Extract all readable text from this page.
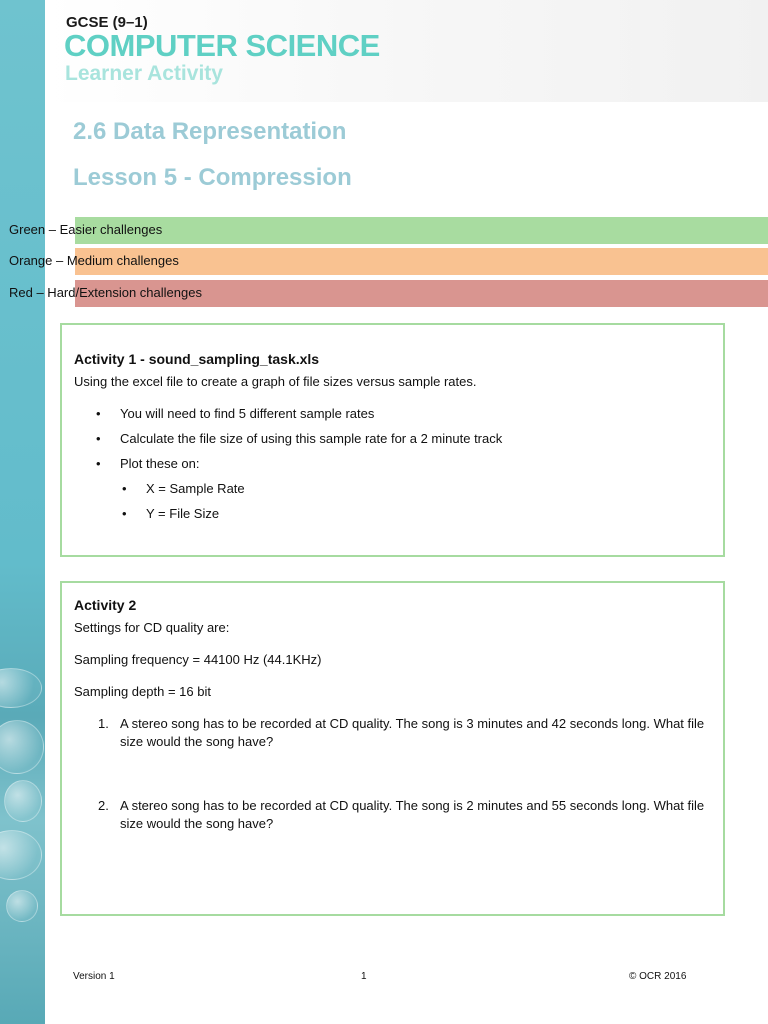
GCSE (9–1)
COMPUTER SCIENCE
Learner Activity
2.6 Data Representation
Lesson 5 - Compression
Green – Easier challenges
Orange – Medium challenges
Red – Hard/Extension challenges

Activity 1 - sound_sampling_task.xls

Using the excel file to create a graph of file sizes versus sample rates.

• You will need to find 5 different sample rates
• Calculate the file size of using this sample rate for a 2 minute track
• Plot these on:
• X = Sample Rate
• Y = File Size

Activity 2

Settings for CD quality are:

Sampling frequency = 44100 Hz (44.1KHz)

Sampling depth = 16 bit

1. A stereo song has to be recorded at CD quality. The song is 3 minutes and 42 seconds long. What file size would the song have?
2. A stereo song has to be recorded at CD quality. The song is 2 minutes and 55 seconds long. What file size would the song have?
Version 1	1	© OCR 2016
